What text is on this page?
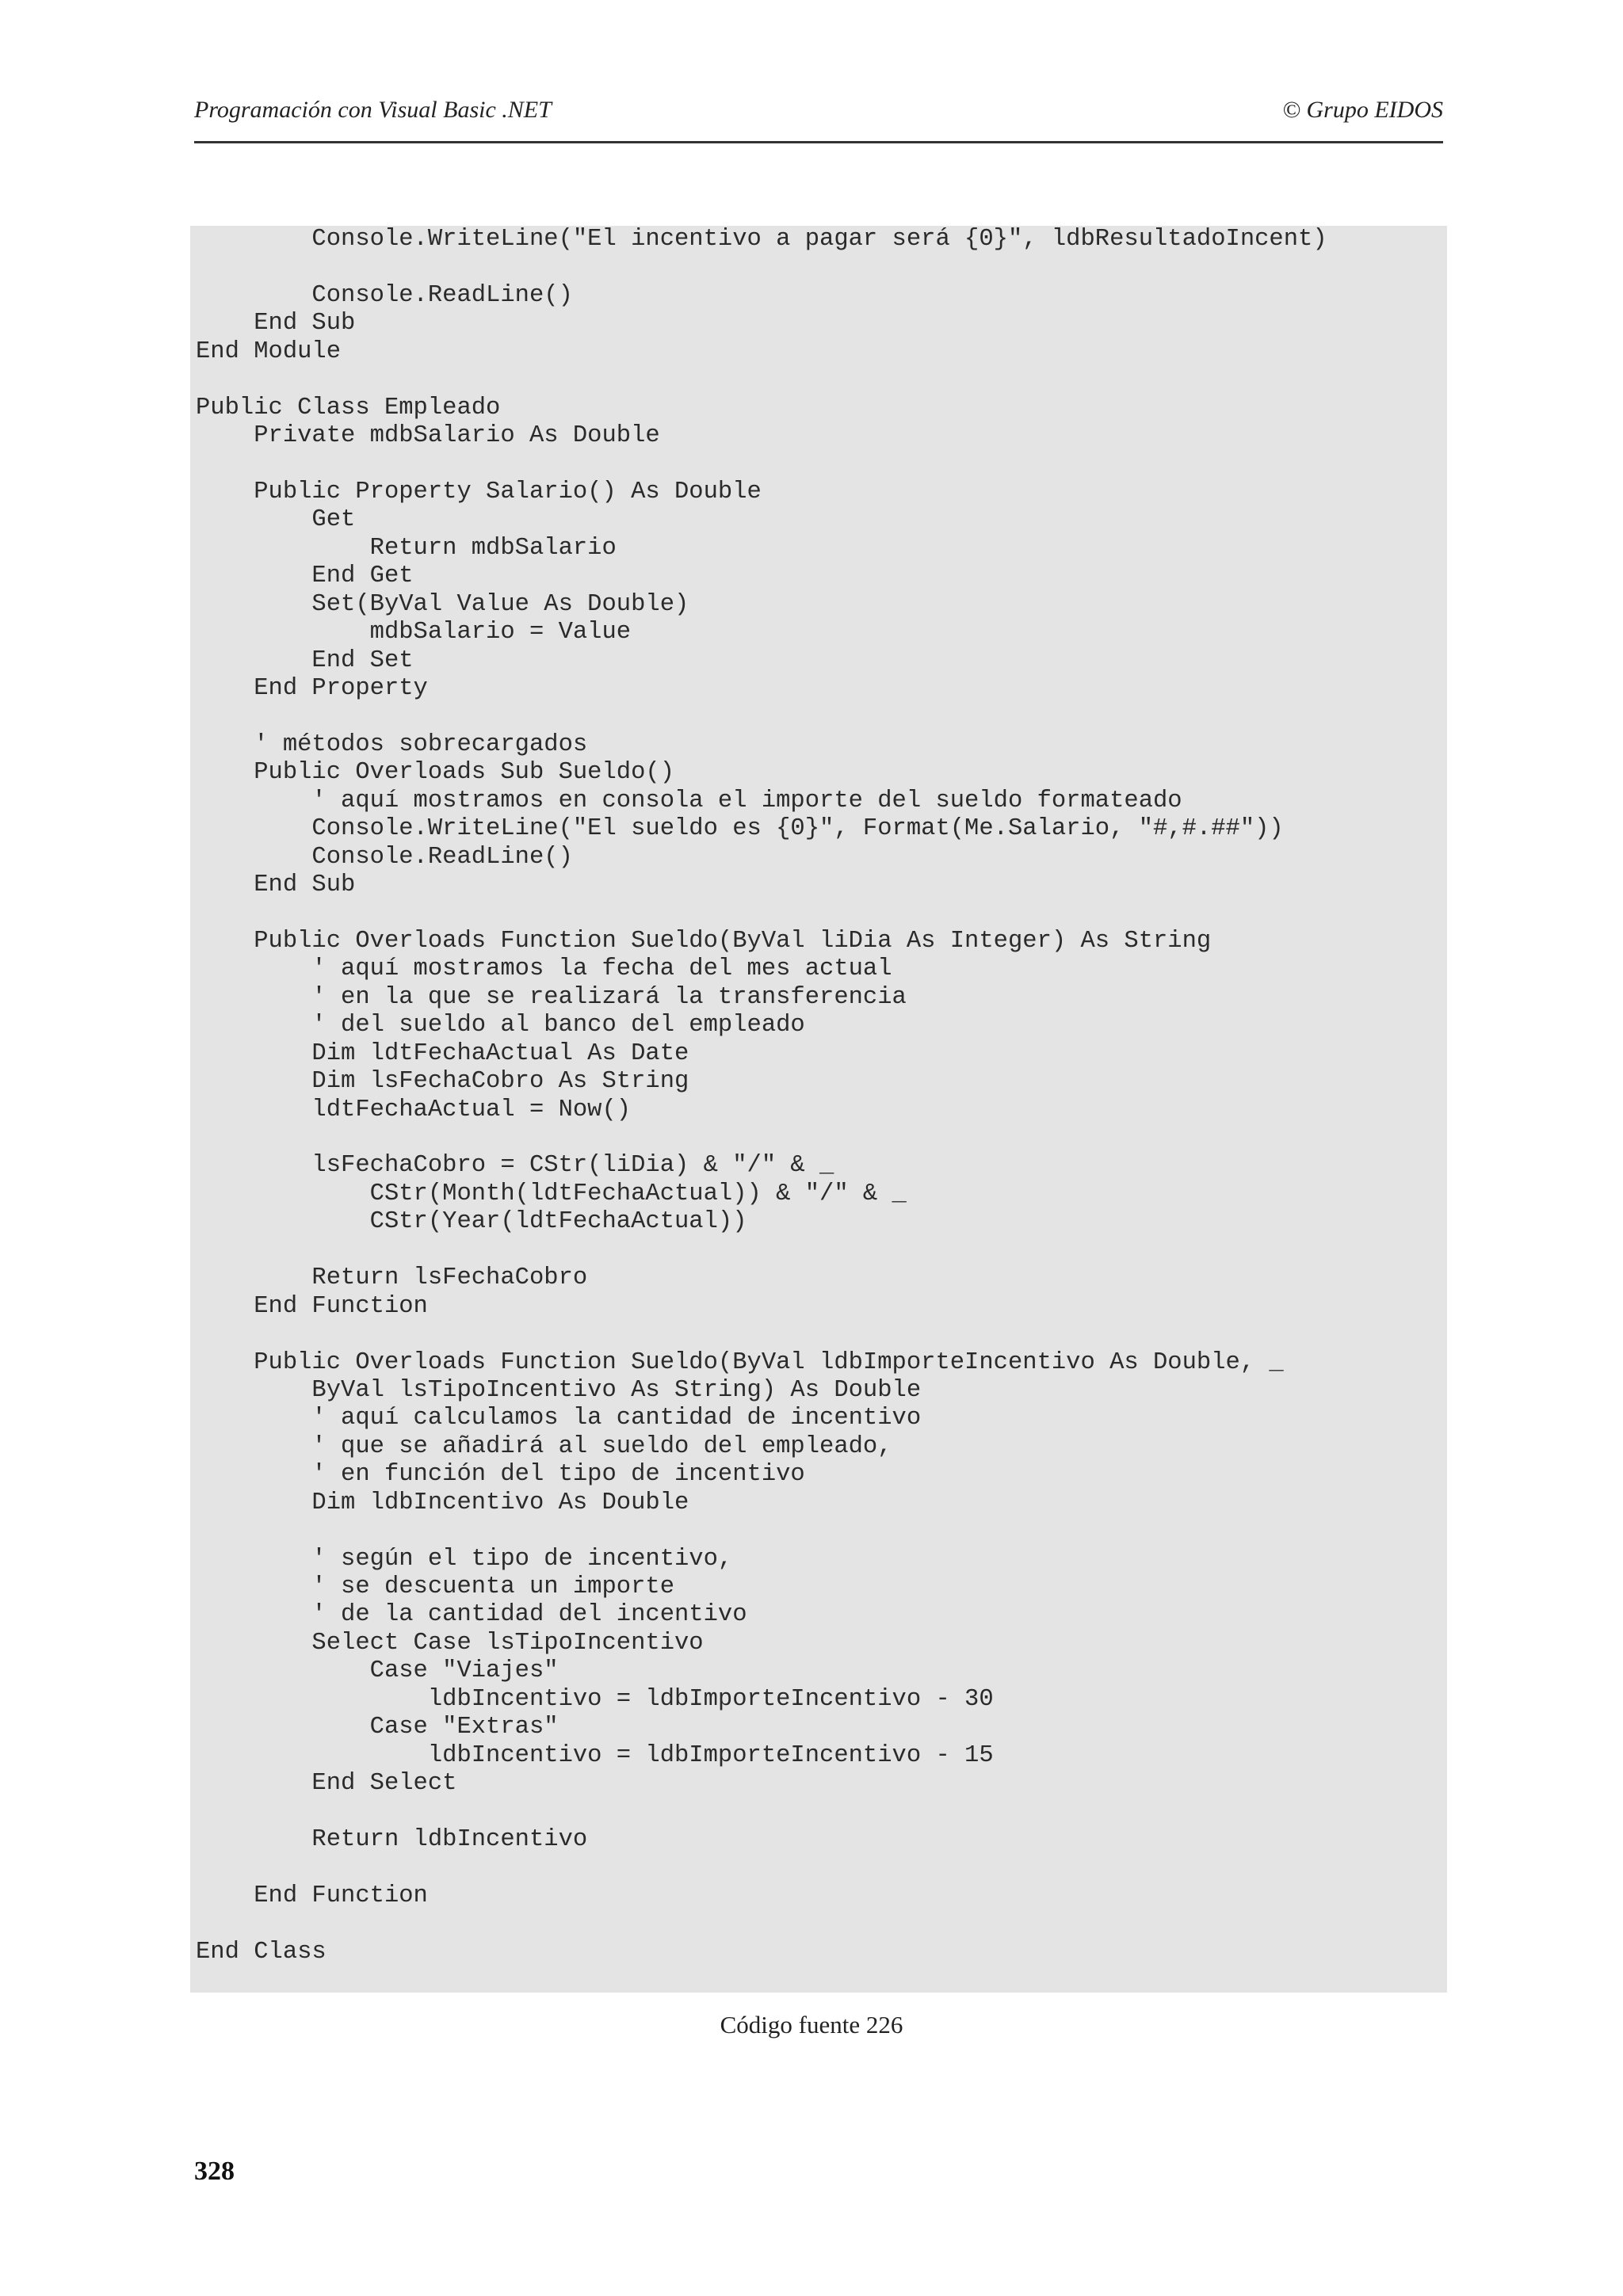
Programación con Visual Basic .NET	© Grupo EIDOS
Console.WriteLine("El incentivo a pagar será {0}", ldbResultadoIncent)
Console.ReadLine()
End Sub
End Module
Public Class Empleado
Private mdbSalario As Double
Public Property Salario() As Double
Get
Return mdbSalario
End Get
Set(ByVal Value As Double)
mdbSalario = Value
End Set
End Property
' métodos sobrecargados
Public Overloads Sub Sueldo()
' aquí mostramos en consola el importe del sueldo formateado
Console.WriteLine("El sueldo es {0}", Format(Me.Salario, "#,#.##"))
Console.ReadLine()
End Sub
Public Overloads Function Sueldo(ByVal liDia As Integer) As String
' aquí mostramos la fecha del mes actual
' en la que se realizará la transferencia
' del sueldo al banco del empleado
Dim ldtFechaActual As Date
Dim lsFechaCobro As String
ldtFechaActual = Now()
lsFechaCobro = CStr(liDia) & "/" & _
CStr(Month(ldtFechaActual)) & "/" & _
CStr(Year(ldtFechaActual))
Return lsFechaCobro
End Function
Public Overloads Function Sueldo(ByVal ldbImporteIncentivo As Double, _
ByVal lsTipoIncentivo As String) As Double
' aquí calculamos la cantidad de incentivo
' que se añadirá al sueldo del empleado,
' en función del tipo de incentivo
Dim ldbIncentivo As Double
' según el tipo de incentivo,
' se descuenta un importe
' de la cantidad del incentivo
Select Case lsTipoIncentivo
Case "Viajes"
ldbIncentivo = ldbImporteIncentivo - 30
Case "Extras"
ldbIncentivo = ldbImporteIncentivo - 15
End Select
Return ldbIncentivo
End Function
End Class
Código fuente 226
328
